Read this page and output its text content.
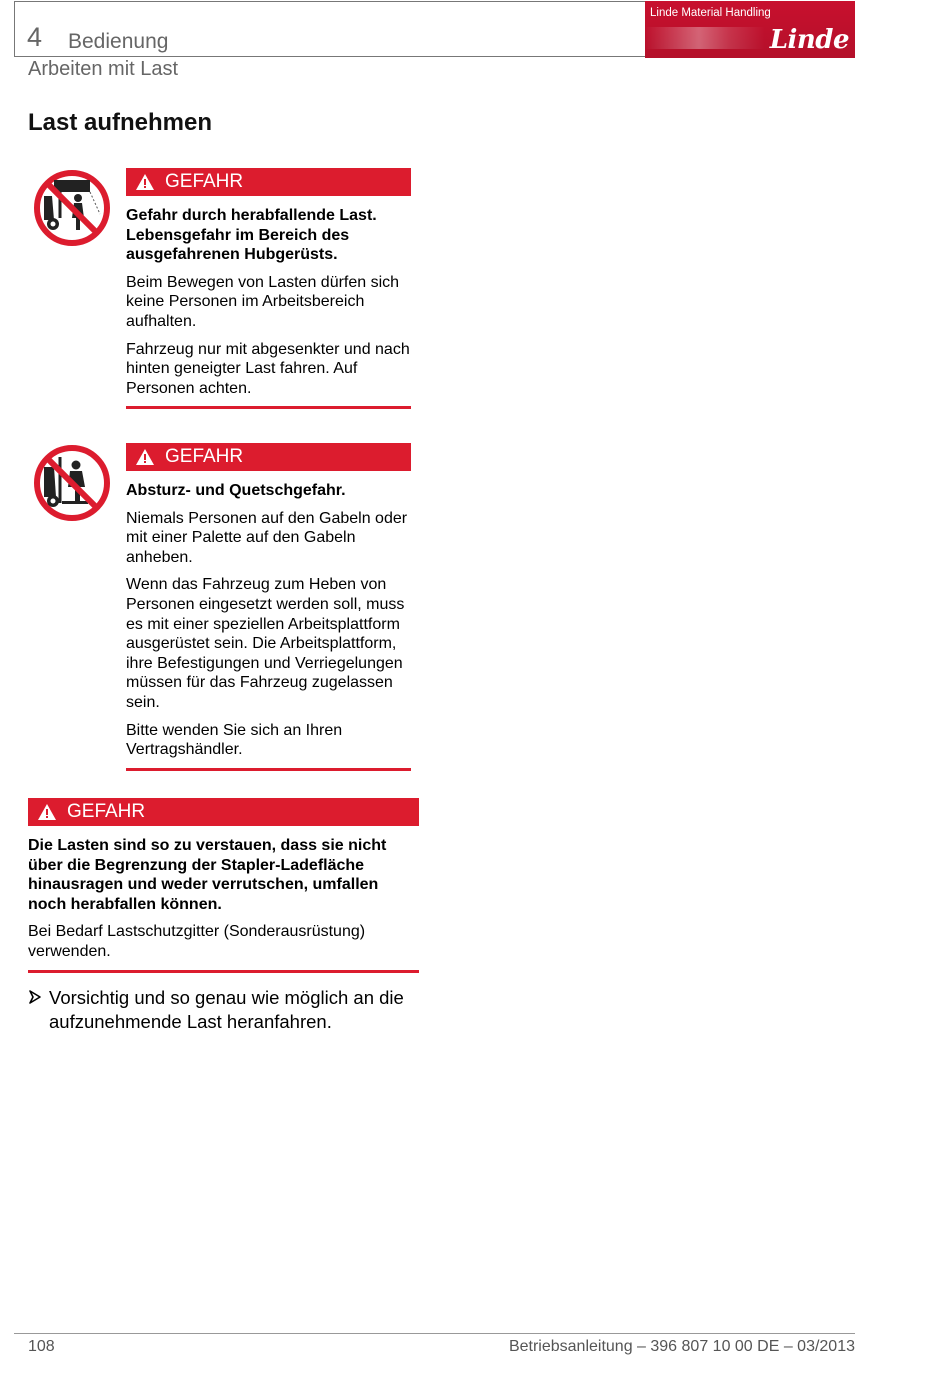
4 Bedienung
Linde Material Handling
Linde
Arbeiten mit Last
Last aufnehmen
GEFAHR

Gefahr durch herabfallende Last. Lebensgefahr im Bereich des ausgefahrenen Hubgerüsts.

Beim Bewegen von Lasten dürfen sich keine Personen im Arbeitsbereich aufhalten.

Fahrzeug nur mit abgesenkter und nach hinten geneigter Last fahren. Auf Personen achten.

GEFAHR

Absturz- und Quetschgefahr.

Niemals Personen auf den Gabeln oder mit einer Palette auf den Gabeln anheben.

Wenn das Fahrzeug zum Heben von Personen eingesetzt werden soll, muss es mit einer speziellen Arbeitsplattform ausgerüstet sein. Die Arbeitsplattform, ihre Befestigungen und Verriegelungen müssen für das Fahrzeug zugelassen sein.

Bitte wenden Sie sich an Ihren Vertragshändler.

GEFAHR

Die Lasten sind so zu verstauen, dass sie nicht über die Begrenzung der Stapler-Ladefläche hinausragen und weder verrutschen, umfallen noch herabfallen können.

Bei Bedarf Lastschutzgitter (Sonderausrüstung) verwenden.

Vorsichtig und so genau wie möglich an die aufzunehmende Last heranfahren.
108	Betriebsanleitung – 396 807 10 00 DE – 03/2013
